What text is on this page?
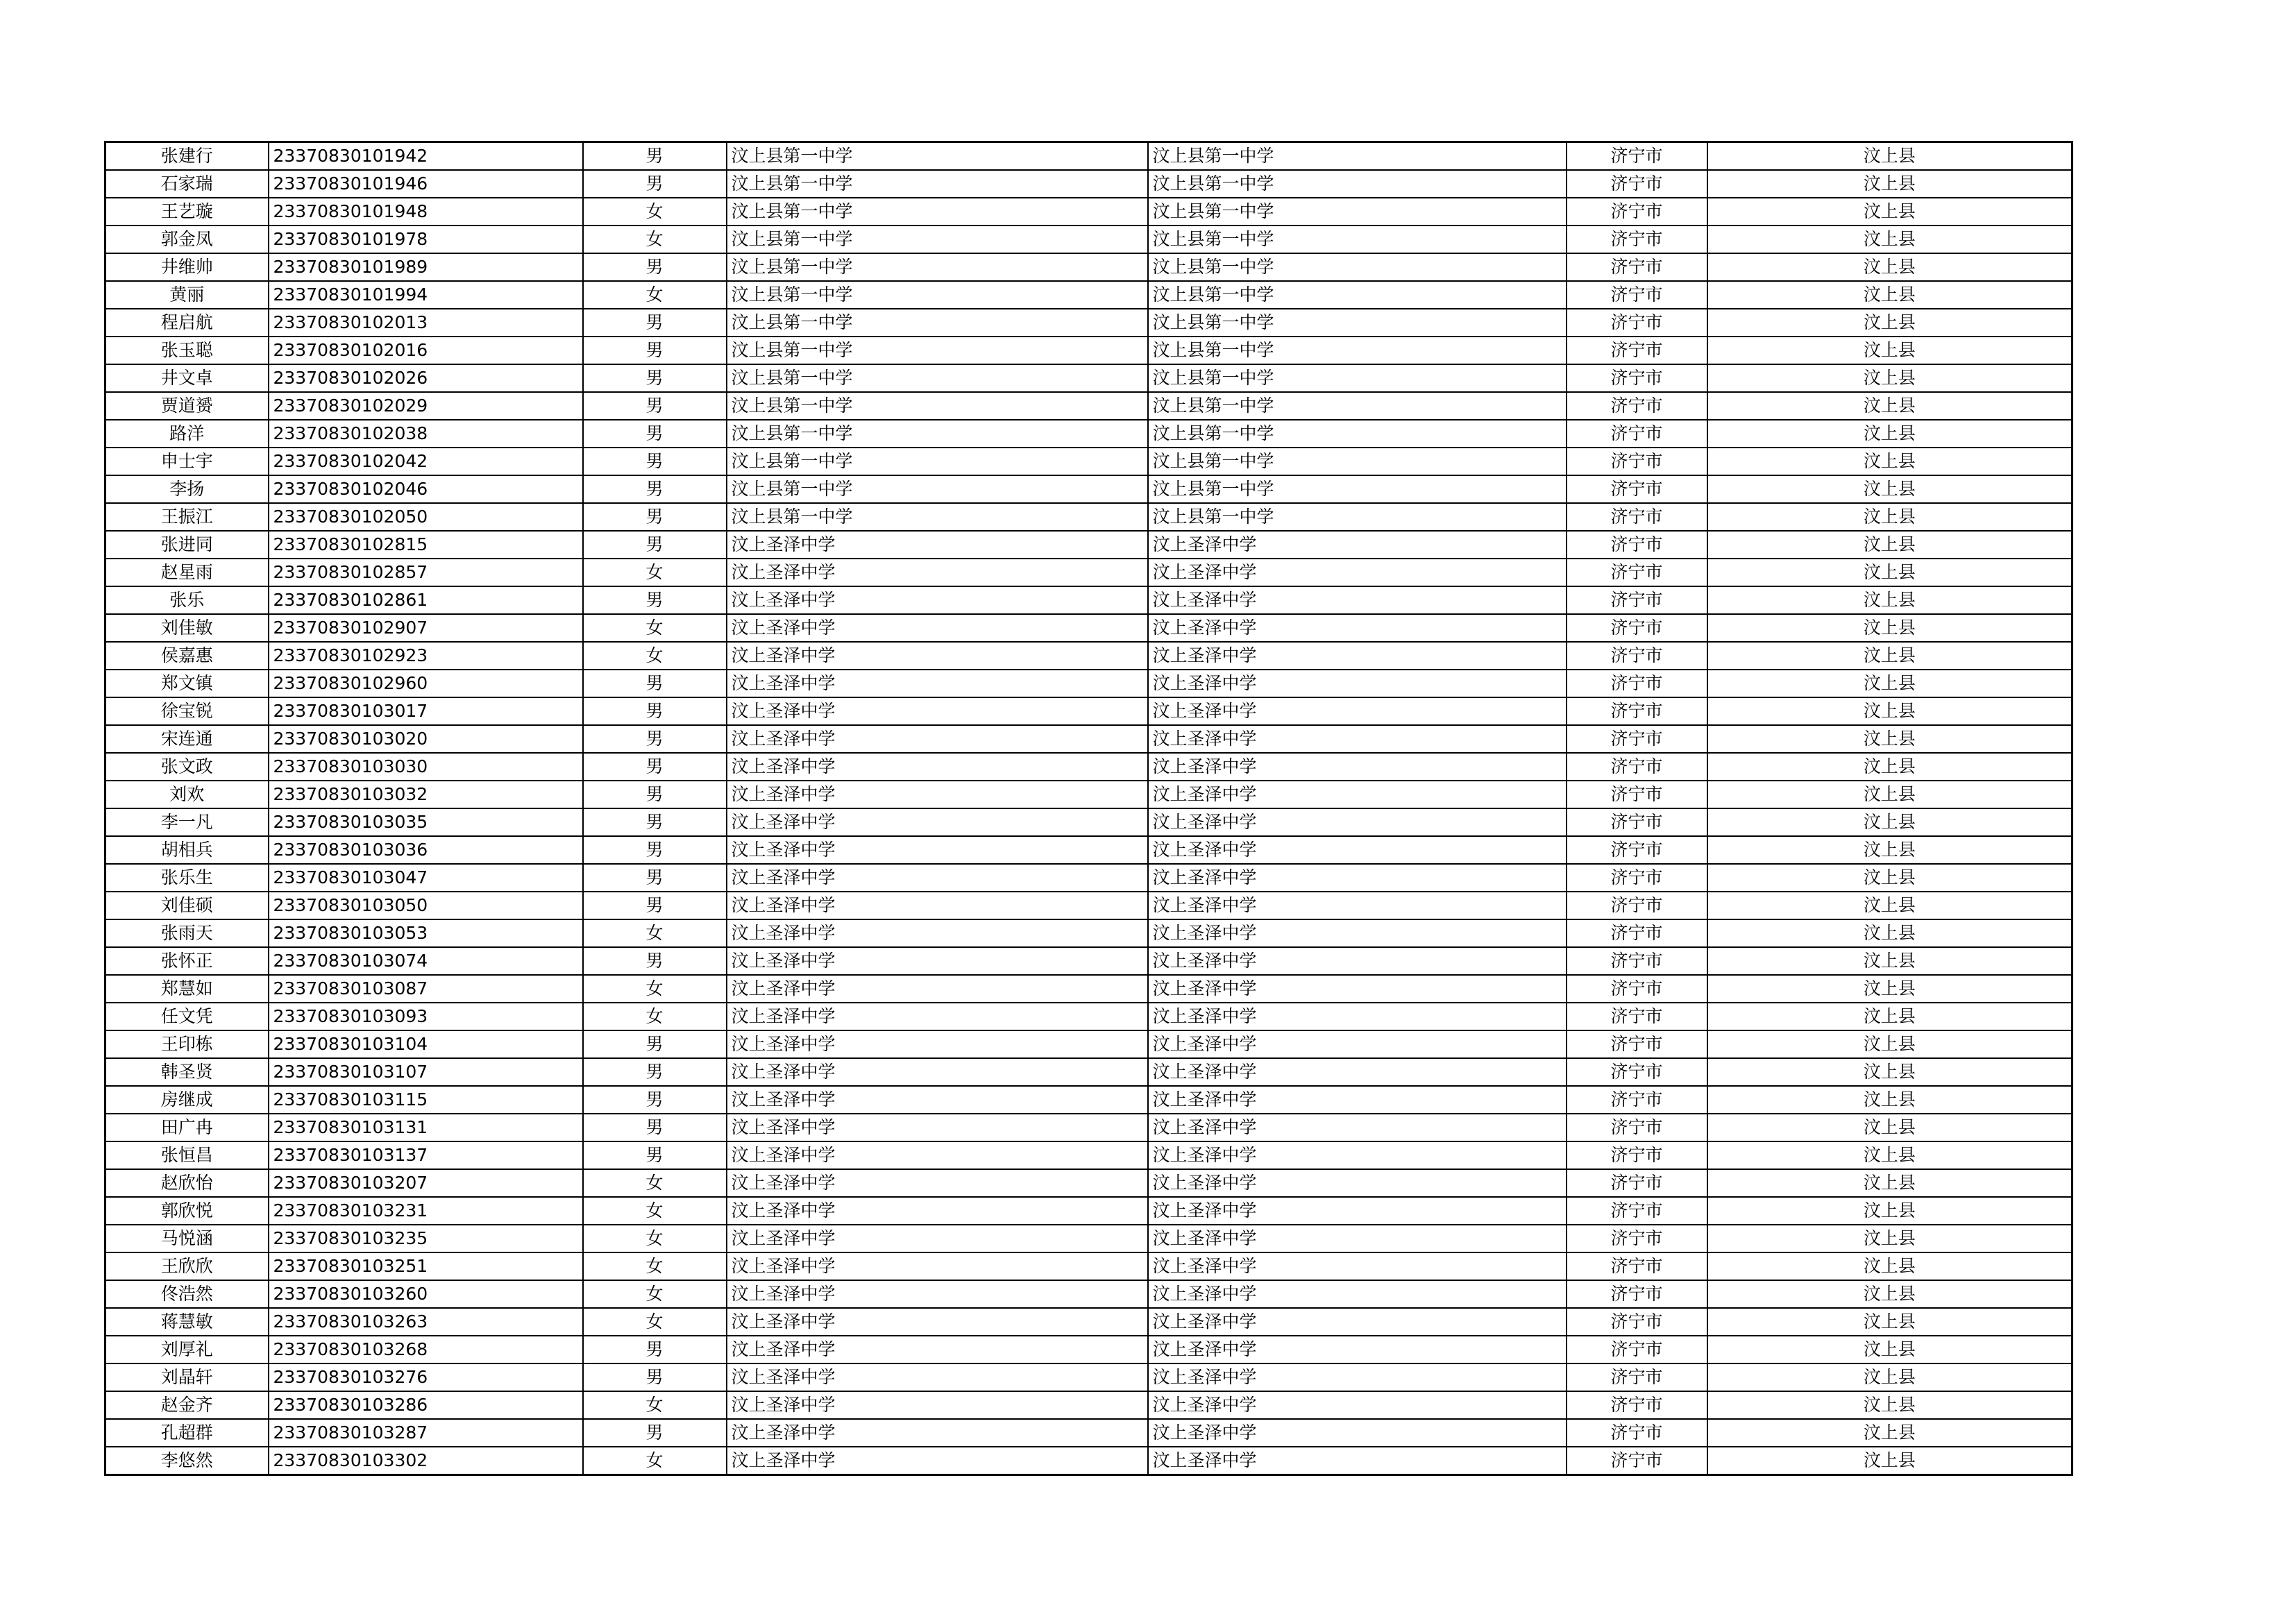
张建行	23370830101942	男	汶上县第一中学	汶上县第一中学	济宁市	汶上县
石家瑞	23370830101946	男	汶上县第一中学	汶上县第一中学	济宁市	汶上县
王艺璇	23370830101948	女	汶上县第一中学	汶上县第一中学	济宁市	汶上县
郭金凤	23370830101978	女	汶上县第一中学	汶上县第一中学	济宁市	汶上县
井维帅	23370830101989	男	汶上县第一中学	汶上县第一中学	济宁市	汶上县
黄丽	23370830101994	女	汶上县第一中学	汶上县第一中学	济宁市	汶上县
程启航	23370830102013	男	汶上县第一中学	汶上县第一中学	济宁市	汶上县
张玉聪	23370830102016	男	汶上县第一中学	汶上县第一中学	济宁市	汶上县
井文卓	23370830102026	男	汶上县第一中学	汶上县第一中学	济宁市	汶上县
贾道赟	23370830102029	男	汶上县第一中学	汶上县第一中学	济宁市	汶上县
路洋	23370830102038	男	汶上县第一中学	汶上县第一中学	济宁市	汶上县
申士宇	23370830102042	男	汶上县第一中学	汶上县第一中学	济宁市	汶上县
李扬	23370830102046	男	汶上县第一中学	汶上县第一中学	济宁市	汶上县
王振江	23370830102050	男	汶上县第一中学	汶上县第一中学	济宁市	汶上县
张进同	23370830102815	男	汶上圣泽中学	汶上圣泽中学	济宁市	汶上县
赵星雨	23370830102857	女	汶上圣泽中学	汶上圣泽中学	济宁市	汶上县
张乐	23370830102861	男	汶上圣泽中学	汶上圣泽中学	济宁市	汶上县
刘佳敏	23370830102907	女	汶上圣泽中学	汶上圣泽中学	济宁市	汶上县
侯嘉惠	23370830102923	女	汶上圣泽中学	汶上圣泽中学	济宁市	汶上县
郑文镇	23370830102960	男	汶上圣泽中学	汶上圣泽中学	济宁市	汶上县
徐宝锐	23370830103017	男	汶上圣泽中学	汶上圣泽中学	济宁市	汶上县
宋连通	23370830103020	男	汶上圣泽中学	汶上圣泽中学	济宁市	汶上县
张文政	23370830103030	男	汶上圣泽中学	汶上圣泽中学	济宁市	汶上县
刘欢	23370830103032	男	汶上圣泽中学	汶上圣泽中学	济宁市	汶上县
李一凡	23370830103035	男	汶上圣泽中学	汶上圣泽中学	济宁市	汶上县
胡相兵	23370830103036	男	汶上圣泽中学	汶上圣泽中学	济宁市	汶上县
张乐生	23370830103047	男	汶上圣泽中学	汶上圣泽中学	济宁市	汶上县
刘佳硕	23370830103050	男	汶上圣泽中学	汶上圣泽中学	济宁市	汶上县
张雨天	23370830103053	女	汶上圣泽中学	汶上圣泽中学	济宁市	汶上县
张怀正	23370830103074	男	汶上圣泽中学	汶上圣泽中学	济宁市	汶上县
郑慧如	23370830103087	女	汶上圣泽中学	汶上圣泽中学	济宁市	汶上县
任文凭	23370830103093	女	汶上圣泽中学	汶上圣泽中学	济宁市	汶上县
王印栋	23370830103104	男	汶上圣泽中学	汶上圣泽中学	济宁市	汶上县
韩圣贤	23370830103107	男	汶上圣泽中学	汶上圣泽中学	济宁市	汶上县
房继成	23370830103115	男	汶上圣泽中学	汶上圣泽中学	济宁市	汶上县
田广冉	23370830103131	男	汶上圣泽中学	汶上圣泽中学	济宁市	汶上县
张恒昌	23370830103137	男	汶上圣泽中学	汶上圣泽中学	济宁市	汶上县
赵欣怡	23370830103207	女	汶上圣泽中学	汶上圣泽中学	济宁市	汶上县
郭欣悦	23370830103231	女	汶上圣泽中学	汶上圣泽中学	济宁市	汶上县
马悦涵	23370830103235	女	汶上圣泽中学	汶上圣泽中学	济宁市	汶上县
王欣欣	23370830103251	女	汶上圣泽中学	汶上圣泽中学	济宁市	汶上县
佟浩然	23370830103260	女	汶上圣泽中学	汶上圣泽中学	济宁市	汶上县
蒋慧敏	23370830103263	女	汶上圣泽中学	汶上圣泽中学	济宁市	汶上县
刘厚礼	23370830103268	男	汶上圣泽中学	汶上圣泽中学	济宁市	汶上县
刘晶轩	23370830103276	男	汶上圣泽中学	汶上圣泽中学	济宁市	汶上县
赵金齐	23370830103286	女	汶上圣泽中学	汶上圣泽中学	济宁市	汶上县
孔超群	23370830103287	男	汶上圣泽中学	汶上圣泽中学	济宁市	汶上县
李悠然	23370830103302	女	汶上圣泽中学	汶上圣泽中学	济宁市	汶上县
